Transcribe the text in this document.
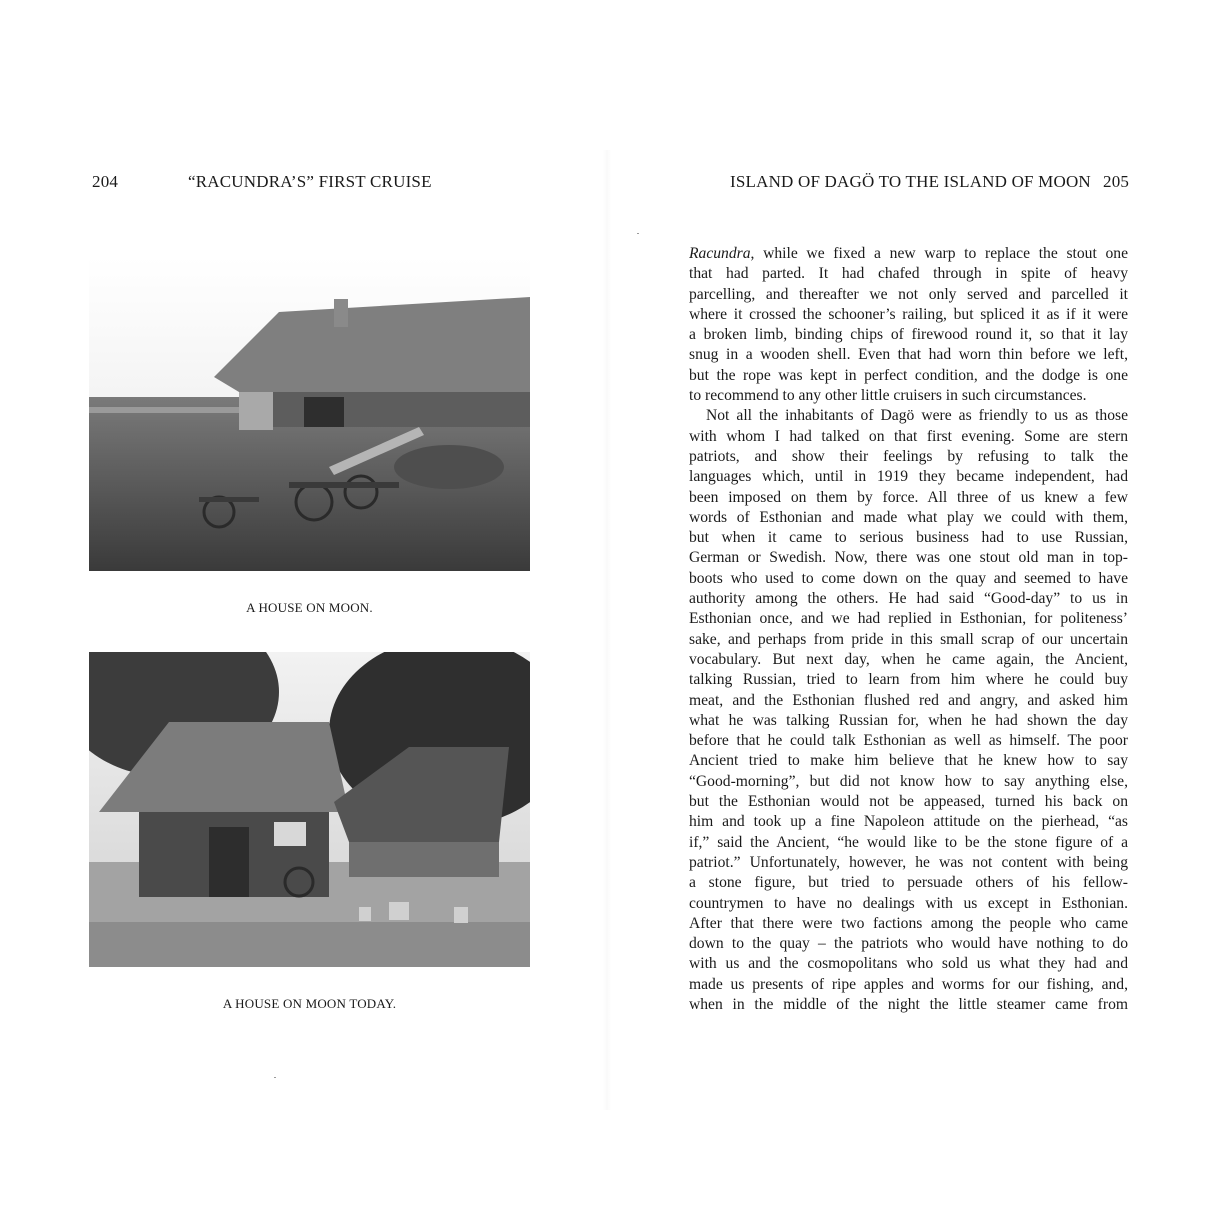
204	“RACUNDRA’S” FIRST CRUISE
A HOUSE ON MOON.
A HOUSE ON MOON TODAY.
ISLAND OF DAGÖ TO THE ISLAND OF MOON 205
Racundra, while we fixed a new warp to replace the stout one
that had parted. It had chafed through in spite of heavy
parcelling, and thereafter we not only served and parcelled it
where it crossed the schooner’s railing, but spliced it as if it were
a broken limb, binding chips of firewood round it, so that it lay
snug in a wooden shell. Even that had worn thin before we left,
but the rope was kept in perfect condition, and the dodge is one
to recommend to any other little cruisers in such circumstances.
Not all the inhabitants of Dagö were as friendly to us as those
with whom I had talked on that first evening. Some are stern
patriots, and show their feelings by refusing to talk the
languages which, until in 1919 they became independent, had
been imposed on them by force. All three of us knew a few
words of Esthonian and made what play we could with them,
but when it came to serious business had to use Russian,
German or Swedish. Now, there was one stout old man in top-
boots who used to come down on the quay and seemed to have
authority among the others. He had said “Good-day” to us in
Esthonian once, and we had replied in Esthonian, for politeness’
sake, and perhaps from pride in this small scrap of our uncertain
vocabulary. But next day, when he came again, the Ancient,
talking Russian, tried to learn from him where he could buy
meat, and the Esthonian flushed red and angry, and asked him
what he was talking Russian for, when he had shown the day
before that he could talk Esthonian as well as himself. The poor
Ancient tried to make him believe that he knew how to say
“Good-morning”, but did not know how to say anything else,
but the Esthonian would not be appeased, turned his back on
him and took up a fine Napoleon attitude on the pierhead, “as
if,” said the Ancient, “he would like to be the stone figure of a
patriot.” Unfortunately, however, he was not content with being
a stone figure, but tried to persuade others of his fellow-
countrymen to have no dealings with us except in Esthonian.
After that there were two factions among the people who came
down to the quay – the patriots who would have nothing to do
with us and the cosmopolitans who sold us what they had and
made us presents of ripe apples and worms for our fishing, and,
when in the middle of the night the little steamer came from
